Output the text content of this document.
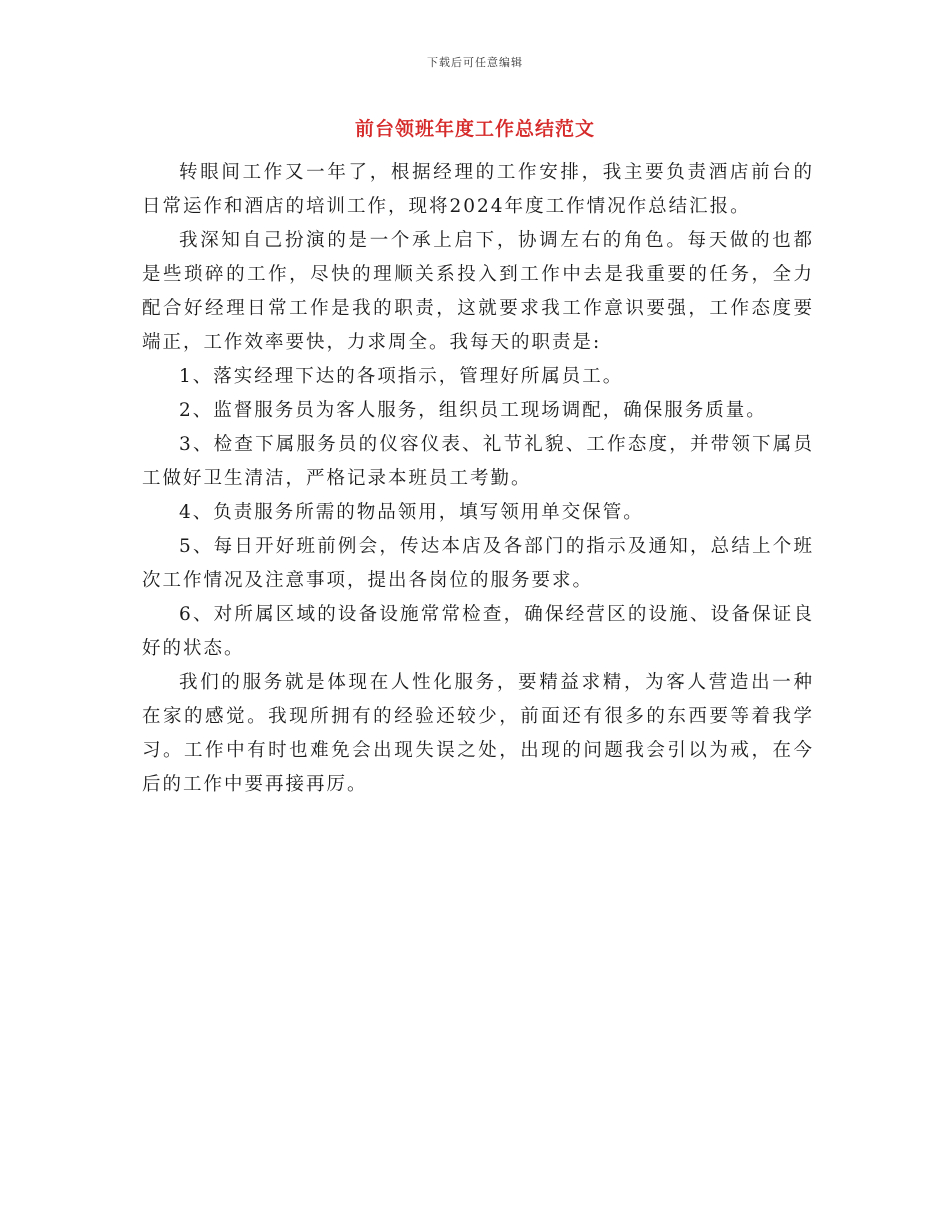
下载后可任意编辑
前台领班年度工作总结范文

转眼间工作又一年了，根据经理的工作安排，我主要负责酒店前台的日常运作和酒店的培训工作，现将2024年度工作情况作总结汇报。

我深知自己扮演的是一个承上启下，协调左右的角色。每天做的也都是些琐碎的工作，尽快的理顺关系投入到工作中去是我重要的任务，全力配合好经理日常工作是我的职责，这就要求我工作意识要强，工作态度要端正，工作效率要快，力求周全。我每天的职责是:

1、落实经理下达的各项指示，管理好所属员工。

2、监督服务员为客人服务，组织员工现场调配，确保服务质量。

3、检查下属服务员的仪容仪表、礼节礼貌、工作态度，并带领下属员工做好卫生清洁，严格记录本班员工考勤。

4、负责服务所需的物品领用，填写领用单交保管。

5、每日开好班前例会，传达本店及各部门的指示及通知，总结上个班次工作情况及注意事项，提出各岗位的服务要求。

6、对所属区域的设备设施常常检查，确保经营区的设施、设备保证良好的状态。

我们的服务就是体现在人性化服务，要精益求精，为客人营造出一种在家的感觉。我现所拥有的经验还较少，前面还有很多的东西要等着我学习。工作中有时也难免会出现失误之处，出现的问题我会引以为戒，在今后的工作中要再接再厉。
